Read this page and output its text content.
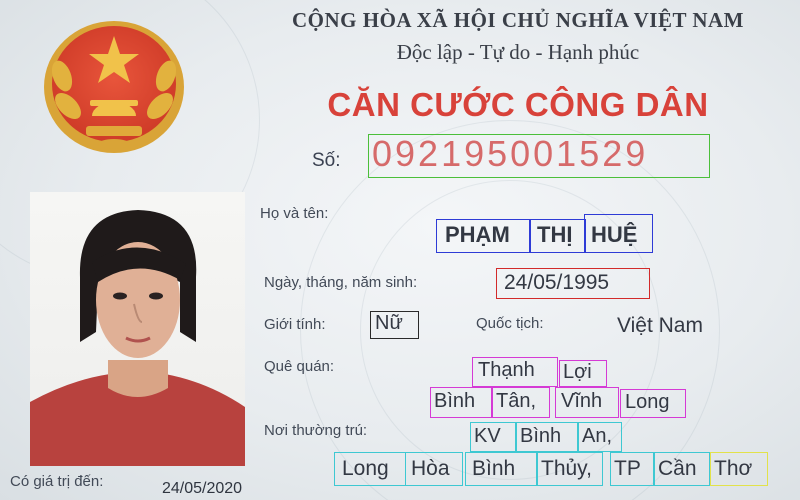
CỘNG HÒA XÃ HỘI CHỦ NGHĨA VIỆT NAM
Độc lập - Tự do - Hạnh phúc
CĂN CƯỚC CÔNG DÂN
Số: 092195001529
Họ và tên:
PHẠM THỊ HUỆ
Ngày, tháng, năm sinh:	24/05/1995
Giới tính: Nữ	Quốc tịch:	Việt Nam
Quê quán:	Thạnh Lợi
Bình Tân, Vĩnh Long
Nơi thường trú:	KV Bình An,
Long Hòa Bình Thủy, TP Cần Thơ
Có giá trị đến:	24/05/2020
